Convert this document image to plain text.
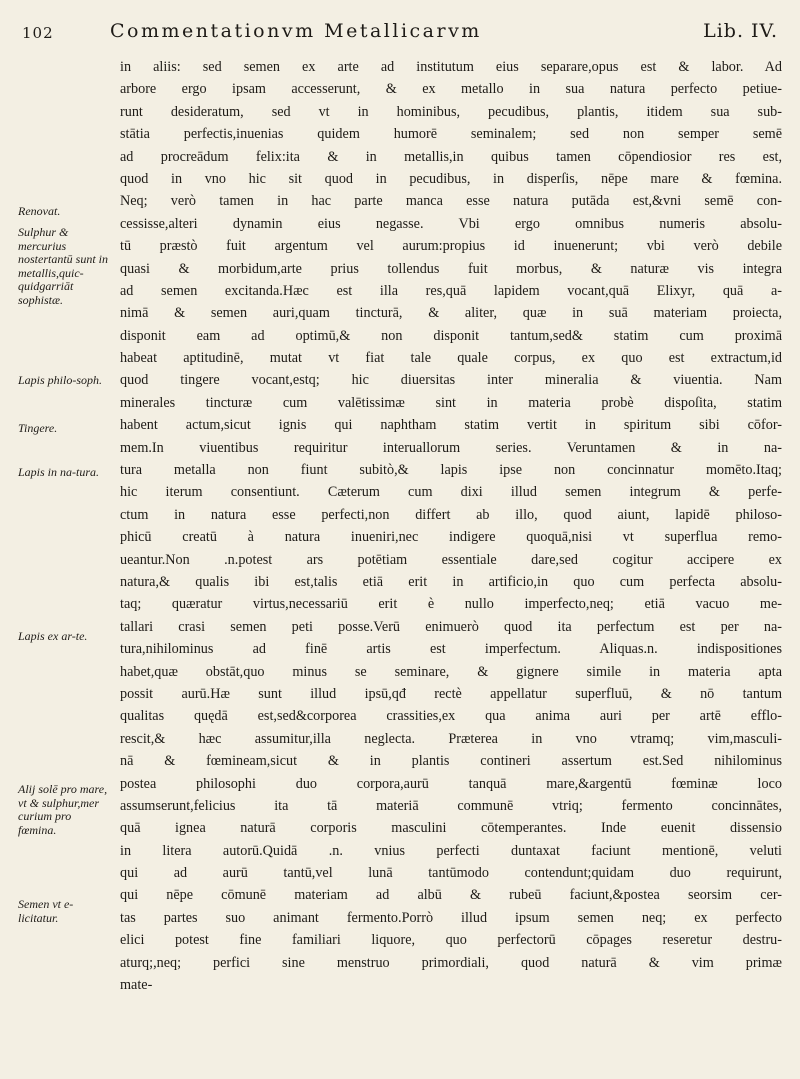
102	Commentationvm Metallicarvm	Lib. IV.
Renovat.
Sulphur & mercurius nostertantū sunt in metallis,quic-quidgarriāt sophistæ.
Lapis philo-soph.
Tingere.
Lapis in na-tura.
Lapis ex ar-te.
Alij solē pro mare, vt & sulphur,mer curium pro fœmina.
Semen vt e-licitatur.
in aliis: sed semen ex arte ad institutum eius separare,opus est & labor. Ad
arbore ergo ipsam accesserunt, & ex metallo in sua natura perfecto petiue-
runt desideratum, sed vt in hominibus, pecudibus, plantis, itidem sua sub-
stātia perfectis,inuenias quidem humorē seminalem; sed non semper semē
ad procreādum felix:ita & in metallis,in quibus tamen cōpendiosior res est,
quod in vno hic sit quod in pecudibus, in disperſis, nēpe mare & fœmina.
Neq; verò tamen in hac parte manca esse natura putāda est,&vni semē con-
cessisse,alteri dynamin eius negasse. Vbi ergo omnibus numeris absolu-
tū præstò fuit argentum vel aurum:propius id inuenerunt; vbi verò debile
quasi & morbidum,arte prius tollendus fuit morbus, & naturæ vis integra
ad semen excitanda.Hæc est illa res,quā lapidem vocant,quā Elixyr, quā a-
nimā & semen auri,quam tincturā, & aliter, quæ in suā materiam proiecta,
disponit eam ad optimū,& non disponit tantum,sed& statim cum proximā
habeat aptitudinē, mutat vt fiat tale quale corpus, ex quo est extractum,id
quod tingere vocant,estq; hic diuersitas inter mineralia & viuentia. Nam
minerales tincturæ cum valētissimæ sint in materia probè dispoſita, statim
habent actum,sicut ignis qui naphtham statim vertit in spiritum sibi cōfor-
mem.In viuentibus requiritur interuallorum series. Veruntamen & in na-
tura metalla non fiunt subitò,& lapis ipse non concinnatur momēto.Itaq;
hic iterum consentiunt. Cæterum cum dixi illud semen integrum & perfe-
ctum in natura esse perfecti,non differt ab illo, quod aiunt, lapidē philoso-
phicū creatū à natura inueniri,nec indigere quoquā,nisi vt superflua remo-
ueantur.Non .n.potest ars potētiam essentiale dare,sed cogitur accipere ex
natura,& qualis ibi est,talis etiā erit in artificio,in quo cum perfecta absolu-
taq; quæratur virtus,necessariū erit è nullo imperfecto,neq; etiā vacuo me-
tallari crasi semen peti posse.Verū enimuerò quod ita perfectum est per na-
tura,nihilominus ad finē artis est imperfectum. Aliquas.n. indispositiones
habet,quæ obstāt,quo minus se seminare, & gignere simile in materia apta
possit aurū.Hæ sunt illud ipsū,qđ rectè appellatur superfluū, & nō tantum
qualitas quędā est,sed&corporea crassities,ex qua anima auri per artē efflo-
rescit,& hæc assumitur,illa neglecta. Præterea in vno vtramq; vim,masculi-
nā & fœmineam,sicut & in plantis contineri assertum est.Sed nihilominus
postea philosophi duo corpora,aurū tanquā mare,&argentū fœminæ loco
assumserunt,felicius ita tā materiā communē vtriq; fermento concinnātes,
quā ignea naturā corporis masculini cōtemperantes. Inde euenit dissensio
in litera autorū.Quidā .n. vnius perfecti duntaxat faciunt mentionē, veluti
qui ad aurū tantū,vel lunā tantūmodo contendunt;quidam duo requirunt,
qui nēpe cōmunē materiam ad albū & rubeū faciunt,&postea seorsim cer-
tas partes suo animant fermento.Porrò illud ipsum semen neq; ex perfecto
elici potest fine familiari liquore, quo perfectorū cōpages reseretur destru-
aturq;,neq; perfici sine menstruo primordiali, quod naturā & vim primæ
mate-
